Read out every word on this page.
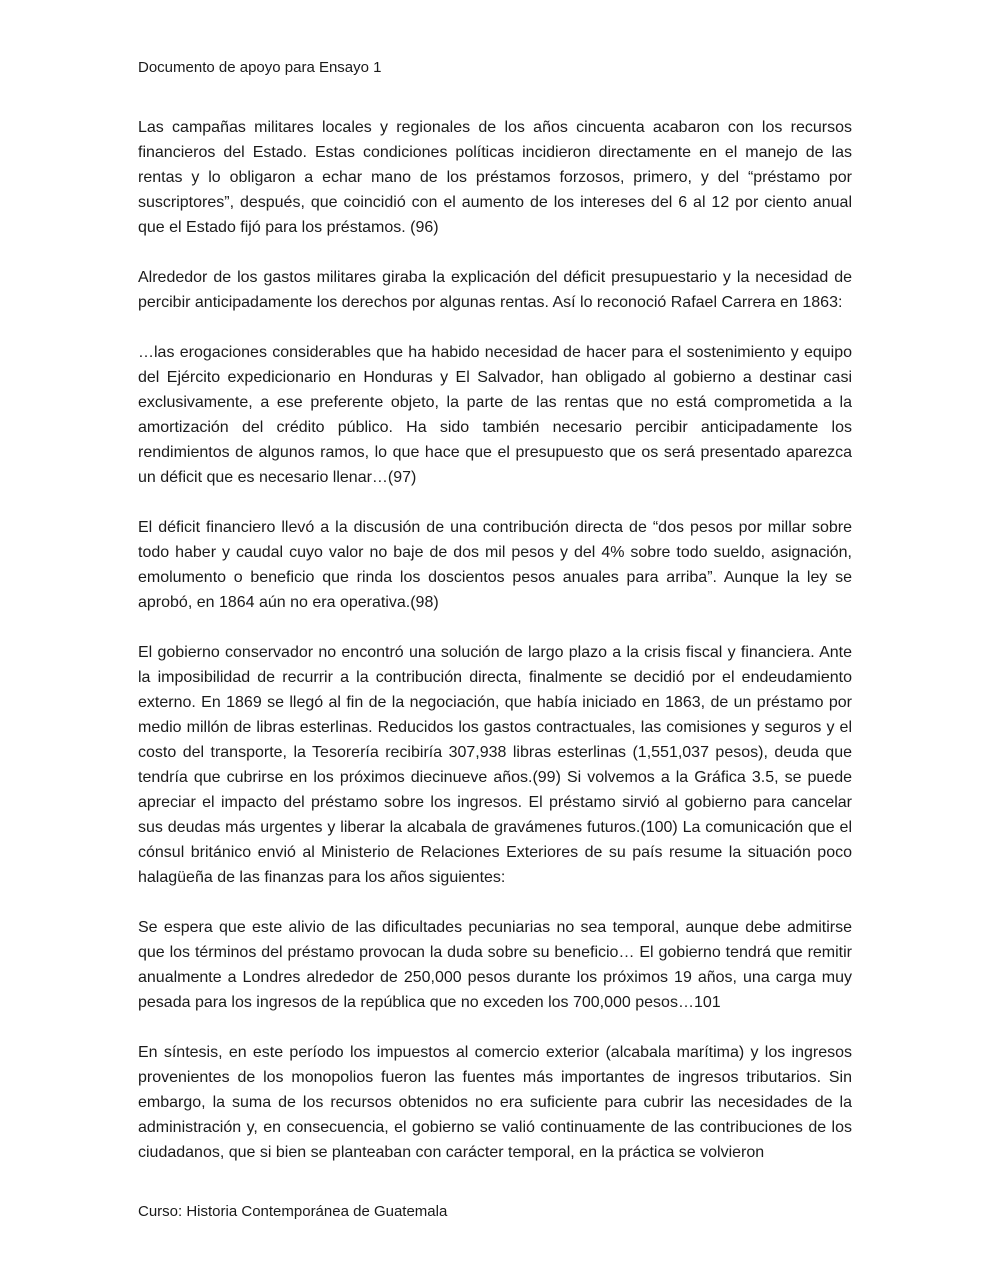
Documento de apoyo para Ensayo 1

Las campañas militares locales y regionales de los años cincuenta acabaron con los recursos financieros del Estado. Estas condiciones políticas incidieron directamente en el manejo de las rentas y lo obligaron a echar mano de los préstamos forzosos, primero, y del “préstamo por suscriptores”, después, que coincidió con el aumento de los intereses del 6 al 12 por ciento anual que el Estado fijó para los préstamos. (96)

Alrededor de los gastos militares giraba la explicación del déficit presupuestario y la necesidad de percibir anticipadamente los derechos por algunas rentas. Así lo reconoció Rafael Carrera en 1863:

…las erogaciones considerables que ha habido necesidad de hacer para el sostenimiento y equipo del Ejército expedicionario en Honduras y El Salvador, han obligado al gobierno a destinar casi exclusivamente, a ese preferente objeto, la parte de las rentas que no está comprometida a la amortización del crédito público. Ha sido también necesario percibir anticipadamente los rendimientos de algunos ramos, lo que hace que el presupuesto que os será presentado aparezca un déficit que es necesario llenar…(97)

El déficit financiero llevó a la discusión de una contribución directa de “dos pesos por millar sobre todo haber y caudal cuyo valor no baje de dos mil pesos y del 4% sobre todo sueldo, asignación, emolumento o beneficio que rinda los doscientos pesos anuales para arriba”. Aunque la ley se aprobó, en 1864 aún no era operativa.(98)

El gobierno conservador no encontró una solución de largo plazo a la crisis fiscal y financiera. Ante la imposibilidad de recurrir a la contribución directa, finalmente se decidió por el endeudamiento externo. En 1869 se llegó al fin de la negociación, que había iniciado en 1863, de un préstamo por medio millón de libras esterlinas. Reducidos los gastos contractuales, las comisiones y seguros y el costo del transporte, la Tesorería recibiría 307,938 libras esterlinas (1,551,037 pesos), deuda que tendría que cubrirse en los próximos diecinueve años.(99) Si volvemos a la Gráfica 3.5, se puede apreciar el impacto del préstamo sobre los ingresos. El préstamo sirvió al gobierno para cancelar sus deudas más urgentes y liberar la alcabala de gravámenes futuros.(100) La comunicación que el cónsul británico envió al Ministerio de Relaciones Exteriores de su país resume la situación poco halagüeña de las finanzas para los años siguientes:

Se espera que este alivio de las dificultades pecuniarias no sea temporal, aunque debe admitirse que los términos del préstamo provocan la duda sobre su beneficio… El gobierno tendrá que remitir anualmente a Londres alrededor de 250,000 pesos durante los próximos 19 años, una carga muy pesada para los ingresos de la república que no exceden los 700,000 pesos…101

En síntesis, en este período los impuestos al comercio exterior (alcabala marítima) y los ingresos provenientes de los monopolios fueron las fuentes más importantes de ingresos tributarios. Sin embargo, la suma de los recursos obtenidos no era suficiente para cubrir las necesidades de la administración y, en consecuencia, el gobierno se valió continuamente de las contribuciones de los ciudadanos, que si bien se planteaban con carácter temporal, en la práctica se volvieron

Curso: Historia Contemporánea de Guatemala
